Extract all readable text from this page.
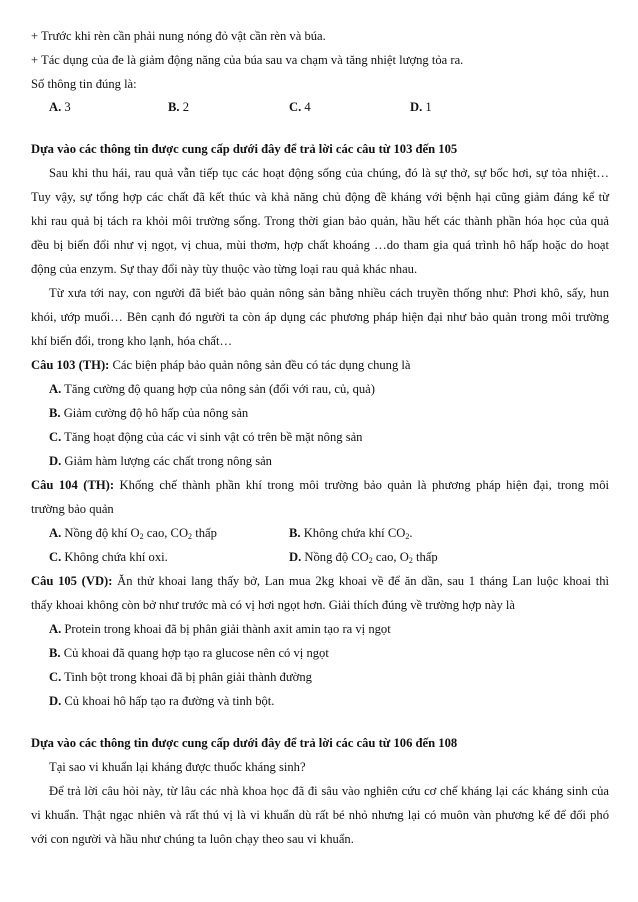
+ Trước khi rèn cần phải nung nóng đỏ vật cần rèn và búa.
+ Tác dụng của đe là giảm động năng của búa sau va chạm và tăng nhiệt lượng tỏa ra.
Số thông tin đúng là:
A. 3	B. 2	C. 4	D. 1
Dựa vào các thông tin được cung cấp dưới đây để trả lời các câu từ 103 đến 105
Sau khi thu hái, rau quả vẫn tiếp tục các hoạt động sống của chúng, đó là sự thở, sự bốc hơi, sự tỏa nhiệt…
Tuy vậy, sự tổng hợp các chất đã kết thúc và khả năng chủ động đề kháng với bệnh hại cũng giảm đáng kể từ
khi rau quả bị tách ra khỏi môi trường sống. Trong thời gian bảo quản, hầu hết các thành phần hóa học của quả
đều bị biến đổi như vị ngọt, vị chua, mùi thơm, hợp chất khoáng …do tham gia quá trình hô hấp hoặc do hoạt
động của enzym. Sự thay đổi này tùy thuộc vào từng loại rau quả khác nhau.
Từ xưa tới nay, con người đã biết bảo quản nông sản bằng nhiều cách truyền thống như: Phơi khô, sấy, hun
khói, ướp muối… Bên cạnh đó người ta còn áp dụng các phương pháp hiện đại như bảo quản trong môi trường
khí biến đổi, trong kho lạnh, hóa chất…
Câu 103 (TH): Các biện pháp bảo quản nông sản đều có tác dụng chung là
A. Tăng cường độ quang hợp của nông sản (đối với rau, củ, quả)
B. Giảm cường độ hô hấp của nông sản
C. Tăng hoạt động của các vi sinh vật có trên bề mặt nông sản
D. Giảm hàm lượng các chất trong nông sản
Câu 104 (TH): Khống chế thành phần khí trong môi trường bảo quản là phương pháp hiện đại, trong môi
trường bảo quản
A. Nồng độ khí $O_2$ cao, $CO_2$ thấp	B. Không chứa khí $CO_2$.
C. Không chứa khí oxi.	D. Nồng độ $CO_2$ cao, $O_2$ thấp
Câu 105 (VD): Ăn thử khoai lang thấy bở, Lan mua 2kg khoai về để ăn dần, sau 1 tháng Lan luộc khoai thì
thấy khoai không còn bở như trước mà có vị hơi ngọt hơn. Giải thích đúng về trường hợp này là
A. Protein trong khoai đã bị phân giải thành axit amin tạo ra vị ngọt
B. Củ khoai đã quang hợp tạo ra glucose nên có vị ngọt
C. Tinh bột trong khoai đã bị phân giải thành đường
D. Củ khoai hô hấp tạo ra đường và tinh bột.
Dựa vào các thông tin được cung cấp dưới đây để trả lời các câu từ 106 đến 108
Tại sao vi khuẩn lại kháng được thuốc kháng sinh?
Để trả lời câu hỏi này, từ lâu các nhà khoa học đã đi sâu vào nghiên cứu cơ chế kháng lại các kháng sinh của
vi khuẩn. Thật ngạc nhiên và rất thú vị là vi khuẩn dù rất bé nhỏ nhưng lại có muôn vàn phương kế để đối phó
với con người và hầu như chúng ta luôn chạy theo sau vi khuẩn.
